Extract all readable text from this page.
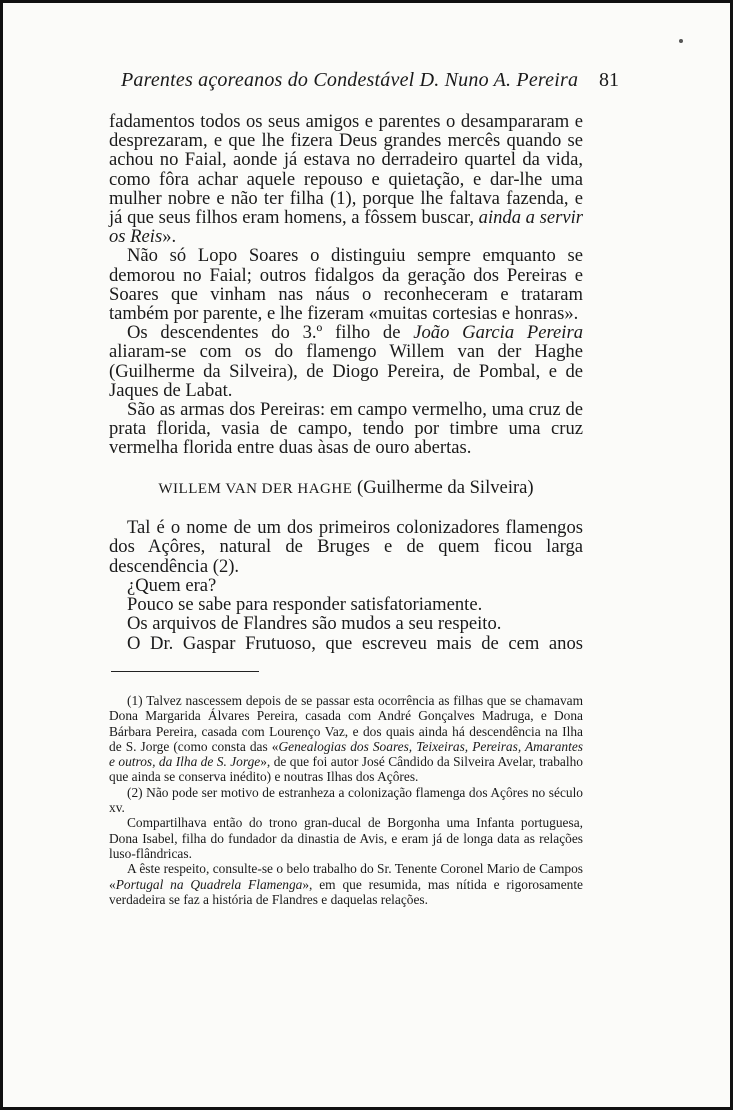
Parentes açoreanos do Condestável D. Nuno A. Pereira	81

fadamentos todos os seus amigos e parentes o desampararam e desprezaram, e que lhe fizera Deus grandes mercês quando se achou no Faial, aonde já estava no derradeiro quartel da vida, como fôra achar aquele repouso e quietação, e dar-lhe uma mulher nobre e não ter filha (1), porque lhe faltava fazenda, e já que seus filhos eram homens, a fôssem buscar, ainda a servir os Reis».

Não só Lopo Soares o distinguiu sempre emquanto se demorou no Faial; outros fidalgos da geração dos Pereiras e Soares que vinham nas náus o reconheceram e trataram também por parente, e lhe fizeram «muitas cortesias e honras».

Os descendentes do 3.º filho de João Garcia Pereira aliaram-se com os do flamengo Willem van der Haghe (Guilherme da Silveira), de Diogo Pereira, de Pombal, e de Jaques de Labat.

São as armas dos Pereiras: em campo vermelho, uma cruz de prata florida, vasia de campo, tendo por timbre uma cruz vermelha florida entre duas àsas de ouro abertas.

WILLEM VAN DER HAGHE (Guilherme da Silveira)

Tal é o nome de um dos primeiros colonizadores flamengos dos Açôres, natural de Bruges e de quem ficou larga descendência (2).

¿Quem era?

Pouco se sabe para responder satisfatoriamente.

Os arquivos de Flandres são mudos a seu respeito.

O Dr. Gaspar Frutuoso, que escreveu mais de cem anos

(1) Talvez nascessem depois de se passar esta ocorrência as filhas que se chamavam Dona Margarida Álvares Pereira, casada com André Gonçalves Madruga, e Dona Bárbara Pereira, casada com Lourenço Vaz, e dos quais ainda há descendência na Ilha de S. Jorge (como consta das «Genealogias dos Soares, Teixeiras, Pereiras, Amarantes e outros, da Ilha de S. Jorge», de que foi autor José Cândido da Silveira Avelar, trabalho que ainda se conserva inédito) e noutras Ilhas dos Açôres.

(2) Não pode ser motivo de estranheza a colonização flamenga dos Açôres no século xv.

Compartilhava então do trono gran-ducal de Borgonha uma Infanta portuguesa, Dona Isabel, filha do fundador da dinastia de Avis, e eram já de longa data as relações luso-flândricas.

A êste respeito, consulte-se o belo trabalho do Sr. Tenente Coronel Mario de Campos «Portugal na Quadrela Flamenga», em que resumida, mas nítida e rigorosamente verdadeira se faz a história de Flandres e daquelas relações.
